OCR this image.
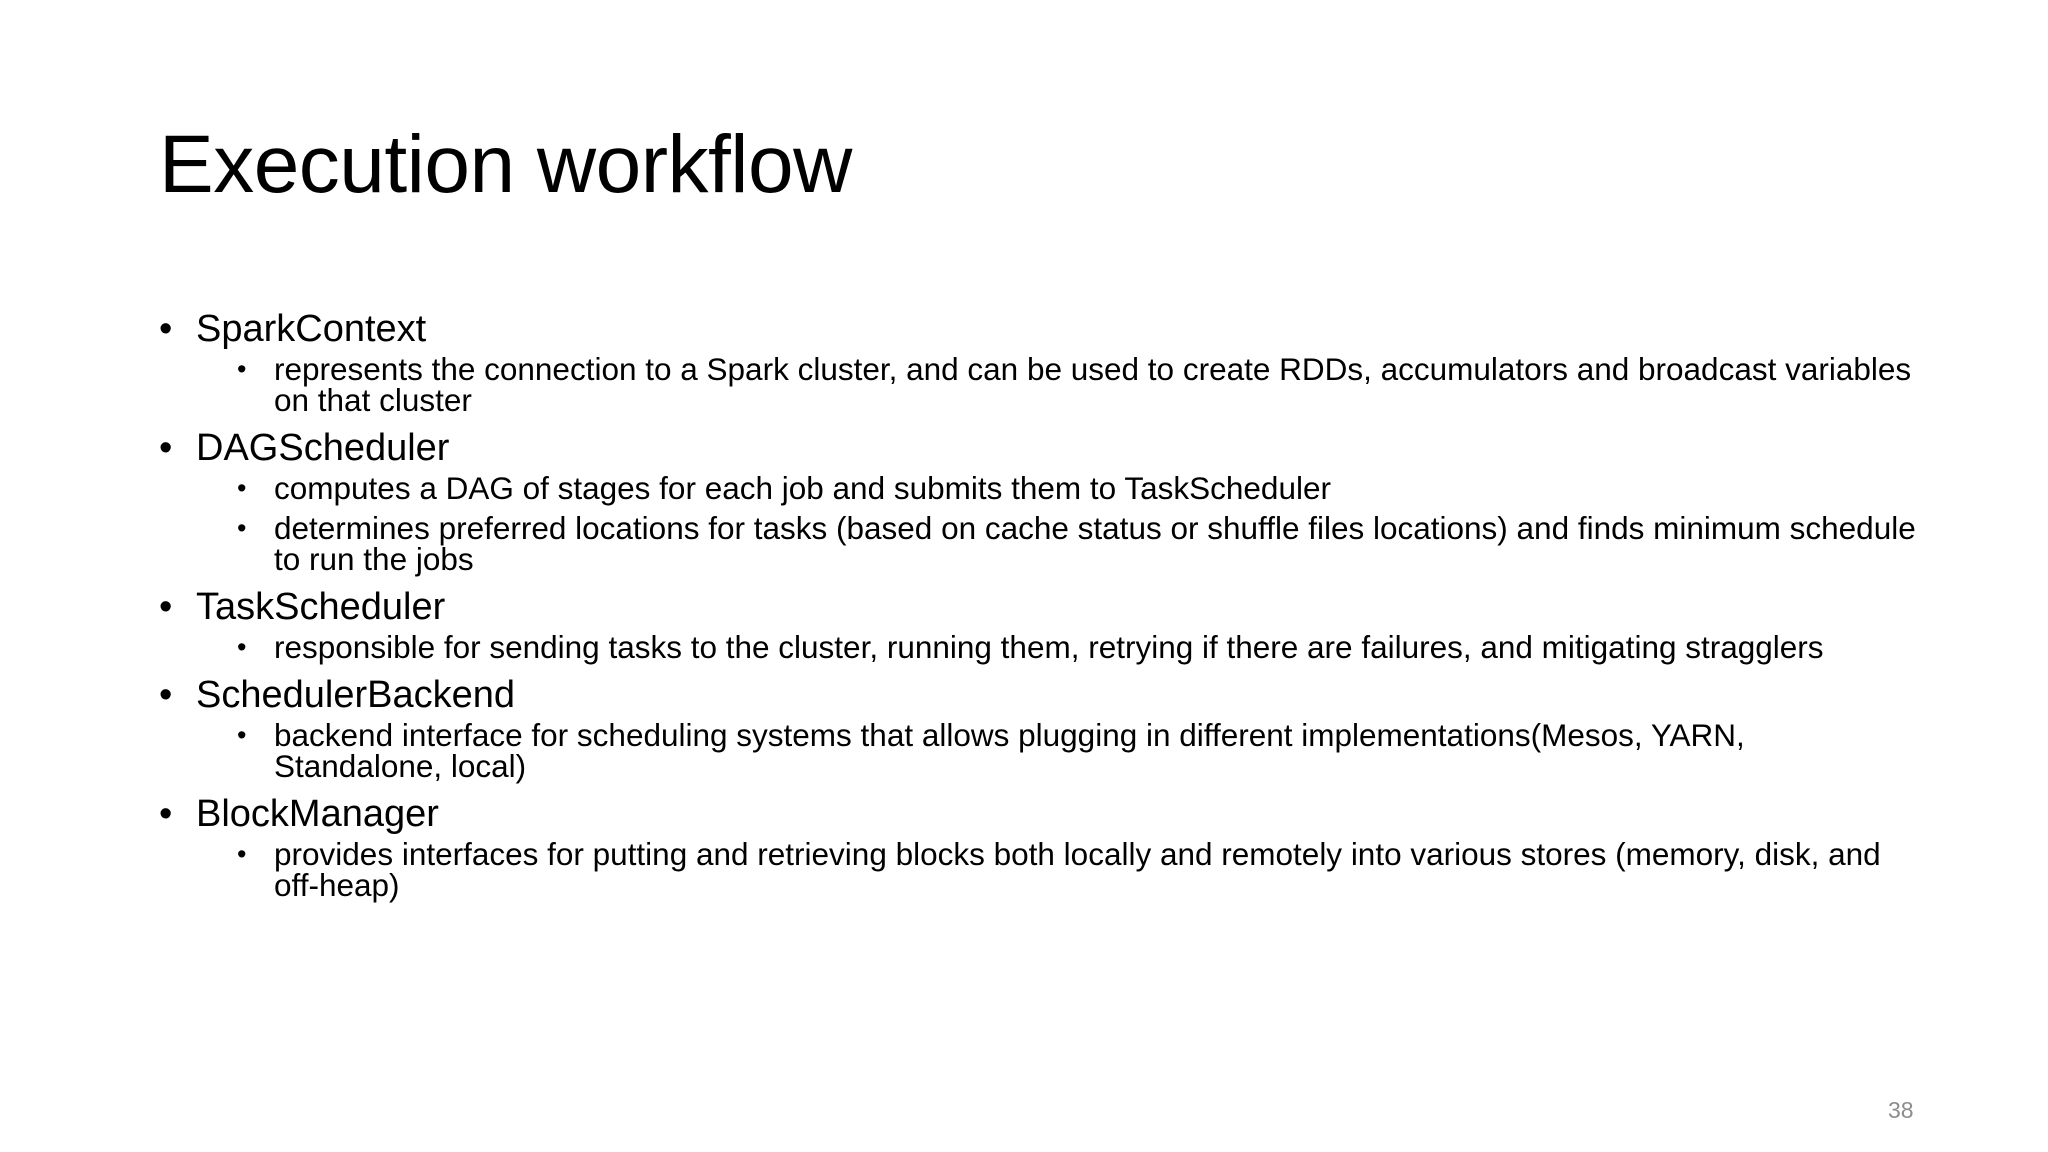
Execution workflow
• SparkContext
• represents the connection to a Spark cluster, and can be used to create RDDs, accumulators and broadcast variables on that cluster
• DAGScheduler
• computes a DAG of stages for each job and submits them to TaskScheduler
• determines preferred locations for tasks (based on cache status or shuffle files locations) and finds minimum schedule to run the jobs
• TaskScheduler
• responsible for sending tasks to the cluster, running them, retrying if there are failures, and mitigating stragglers
• SchedulerBackend
• backend interface for scheduling systems that allows plugging in different implementations(Mesos, YARN, Standalone, local)
• BlockManager
• provides interfaces for putting and retrieving blocks both locally and remotely into various stores (memory, disk, and off-heap)
38
